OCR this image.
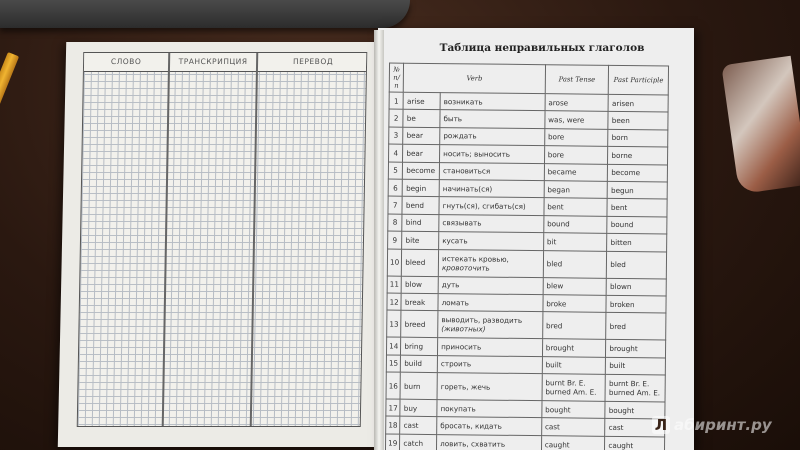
СЛОВО	ТРАНСКРИПЦИЯ	ПЕРЕВОД
Таблица неправильных глаголов
№ п/п	Verb		Past Tense	Past Participle
1	arise	возникать	arose	arisen
2	be	быть	was, were	been
3	bear	рождать	bore	born
4	bear	носить; выносить	bore	borne
5	become	становиться	became	become
6	begin	начинать(ся)	began	begun
7	bend	гнуть(ся), сгибать(ся)	bent	bent
8	bind	связывать	bound	bound
9	bite	кусать	bit	bitten
10	bleed	истекать кровью,
кровоточить	bled	bled
11	blow	дуть	blew	blown
12	break	ломать	broke	broken
13	breed	выводить, разводить
(животных)	bred	bred
14	bring	приносить	brought	brought
15	build	строить	built	built
16	burn	гореть, жечь	burnt Br. E.
burned Am. E.	burnt Br. E.
burned Am. E.
17	buy	покупать	bought	bought
18	cast	бросать, кидать	cast	cast
19	catch	ловить, схватить	caught	caught
Л абиринт.ру
